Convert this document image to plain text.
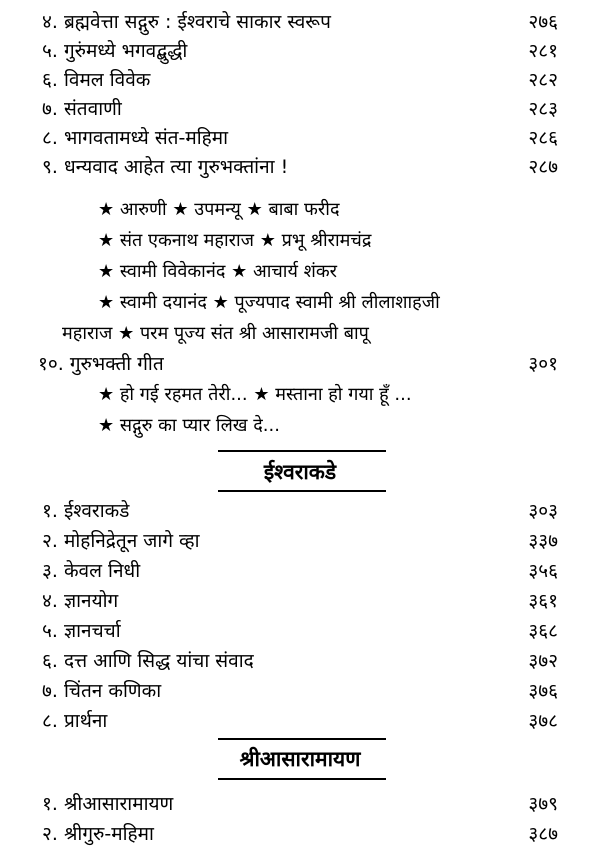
४. ब्रह्मवेत्ता सद्गुरु : ईश्वराचे साकार स्वरूप	२७६
५. गुरुंमध्ये भगवद्बुद्धी	२८१
६. विमल विवेक	२८२
७. संतवाणी	२८३
८. भागवतामध्ये संत-महिमा	२८६
९. धन्यवाद आहेत त्या गुरुभक्तांना !	२८७
★ आरुणी ★ उपमन्यू ★ बाबा फरीद
★ संत एकनाथ महाराज ★ प्रभू श्रीरामचंद्र
★ स्वामी विवेकानंद ★ आचार्य शंकर
★ स्वामी दयानंद ★ पूज्यपाद स्वामी श्री लीलाशाहजी
महाराज ★ परम पूज्य संत श्री आसारामजी बापू
१०. गुरुभक्ती गीत	३०१
★ हो गई रहमत तेरी... ★ मस्ताना हो गया हूँ ...
★ सद्गुरु का प्यार लिख दे...
ईश्वराकडे
१. ईश्वराकडे	३०३
२. मोहनिद्रेतून जागे व्हा	३३७
३. केवल निधी	३५६
४. ज्ञानयोग	३६१
५. ज्ञानचर्चा	३६८
६. दत्त आणि सिद्ध यांचा संवाद	३७२
७. चिंतन कणिका	३७६
८. प्रार्थना	३७८
श्रीआसारामायण
१. श्रीआसारामायण	३७९
२. श्रीगुरु-महिमा	३८७
